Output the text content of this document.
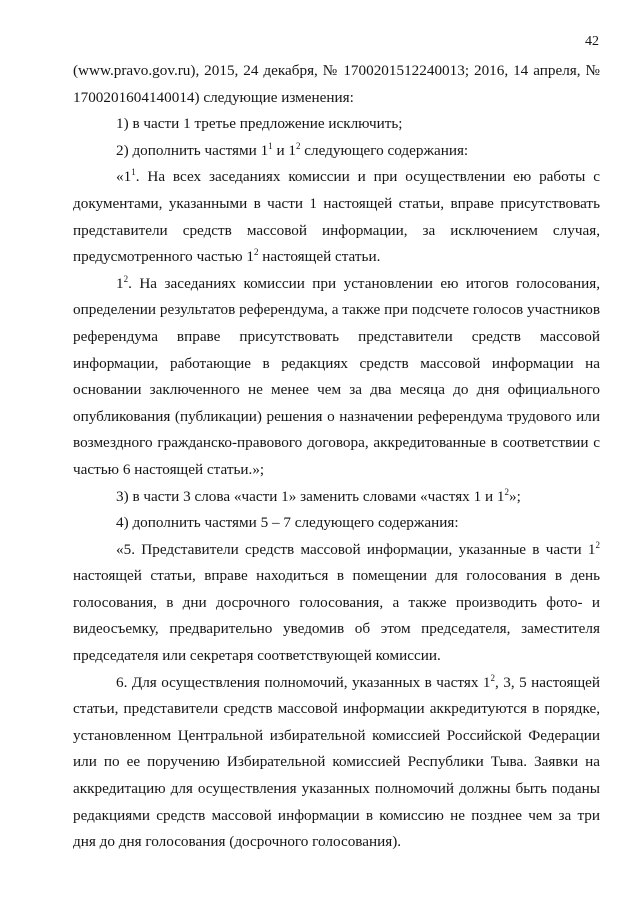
42

(www.pravo.gov.ru), 2015, 24 декабря, № 1700201512240013; 2016, 14 апреля, № 1700201604140014) следующие изменения:

1) в части 1 третье предложение исключить;

2) дополнить частями $1^1$ и $1^2$ следующего содержания:

«$1^1$. На всех заседаниях комиссии и при осуществлении ею работы с документами, указанными в части 1 настоящей статьи, вправе присутствовать представители средств массовой информации, за исключением случая, предусмотренного частью $1^2$ настоящей статьи.

$1^2$. На заседаниях комиссии при установлении ею итогов голосования, определении результатов референдума, а также при подсчете голосов участников референдума вправе присутствовать представители средств массовой информации, работающие в редакциях средств массовой информации на основании заключенного не менее чем за два месяца до дня официального опубликования (публикации) решения о назначении референдума трудового или возмездного гражданско-правового договора, аккредитованные в соответствии с частью 6 настоящей статьи.»;

3) в части 3 слова «части 1» заменить словами «частях 1 и $1^2$»;

4) дополнить частями 5 – 7 следующего содержания:

«5. Представители средств массовой информации, указанные в части $1^2$ настоящей статьи, вправе находиться в помещении для голосования в день голосования, в дни досрочного голосования, а также производить фото- и видеосъемку, предварительно уведомив об этом председателя, заместителя председателя или секретаря соответствующей комиссии.

6. Для осуществления полномочий, указанных в частях $1^2$, 3, 5 настоящей статьи, представители средств массовой информации аккредитуются в порядке, установленном Центральной избирательной комиссией Российской Федерации или по ее поручению Избирательной комиссией Республики Тыва. Заявки на аккредитацию для осуществления указанных полномочий должны быть поданы редакциями средств массовой информации в комиссию не позднее чем за три дня до дня голосования (досрочного голосования).
